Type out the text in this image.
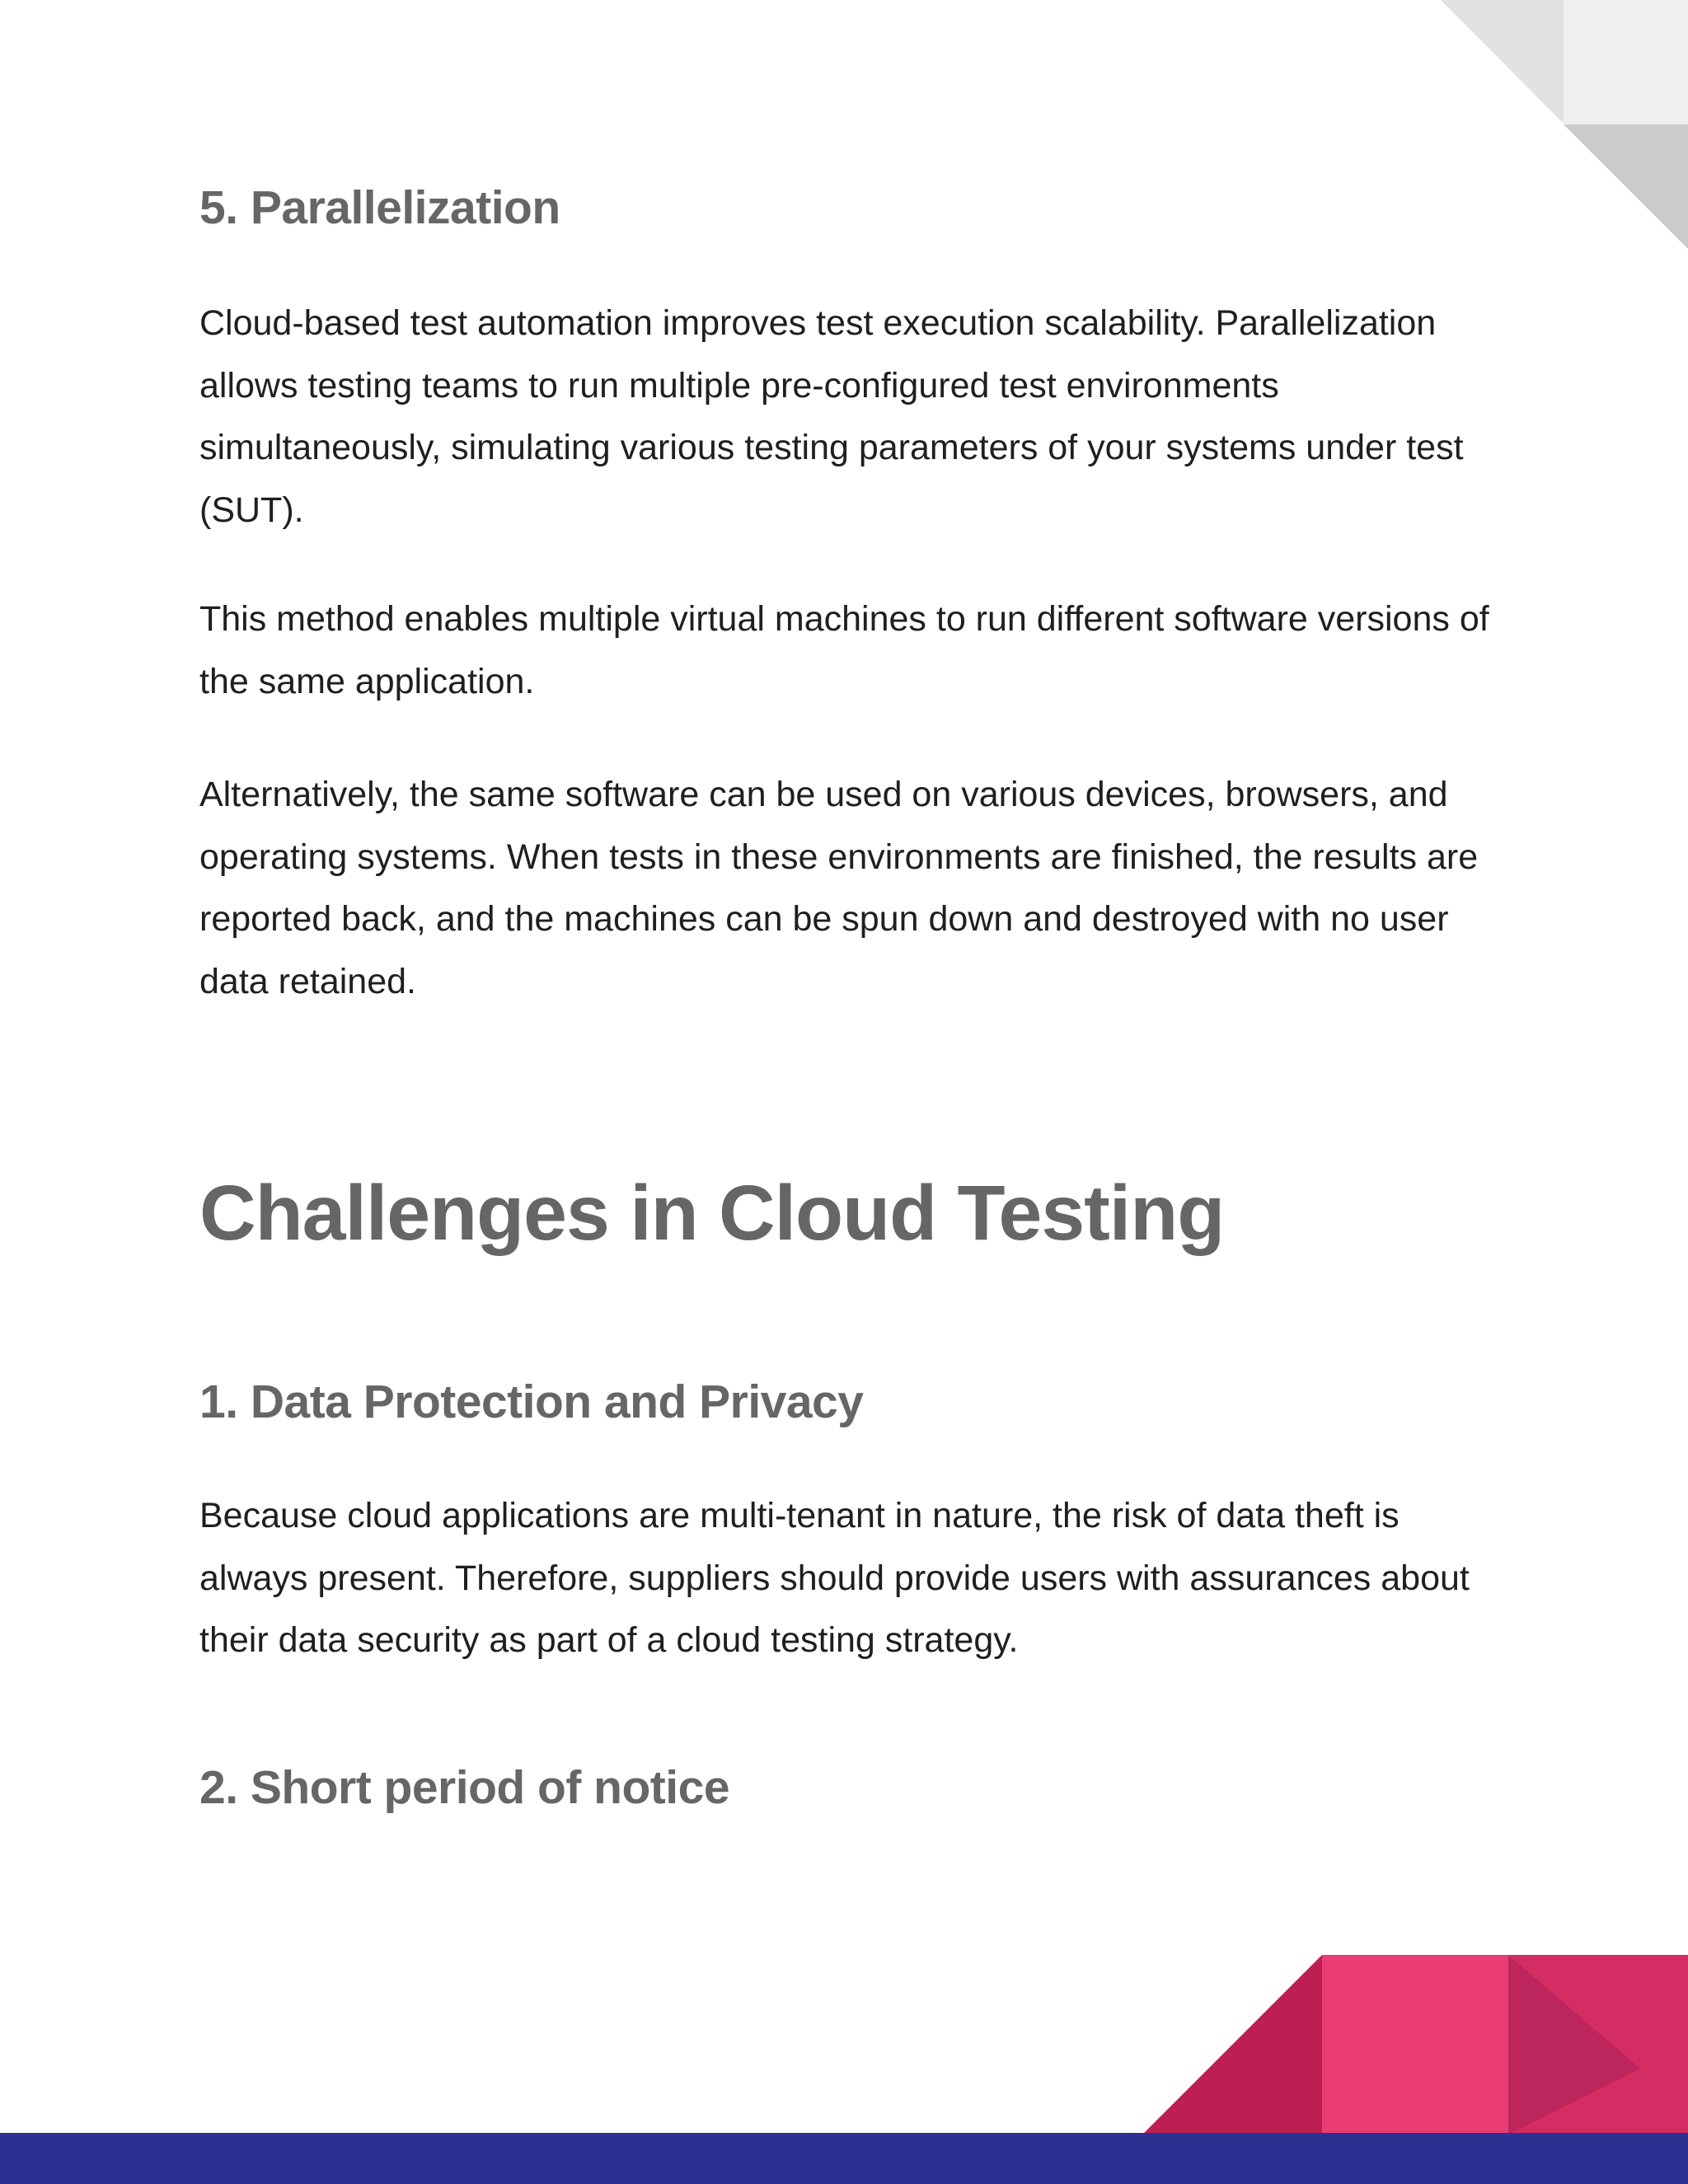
5. Parallelization

Cloud-based test automation improves test execution scalability. Parallelization allows testing teams to run multiple pre-configured test environments simultaneously, simulating various testing parameters of your systems under test (SUT).

This method enables multiple virtual machines to run different software versions of the same application.

Alternatively, the same software can be used on various devices, browsers, and operating systems. When tests in these environments are finished, the results are reported back, and the machines can be spun down and destroyed with no user data retained.

Challenges in Cloud Testing
1. Data Protection and Privacy

Because cloud applications are multi-tenant in nature, the risk of data theft is always present. Therefore, suppliers should provide users with assurances about their data security as part of a cloud testing strategy.

2. Short period of notice
